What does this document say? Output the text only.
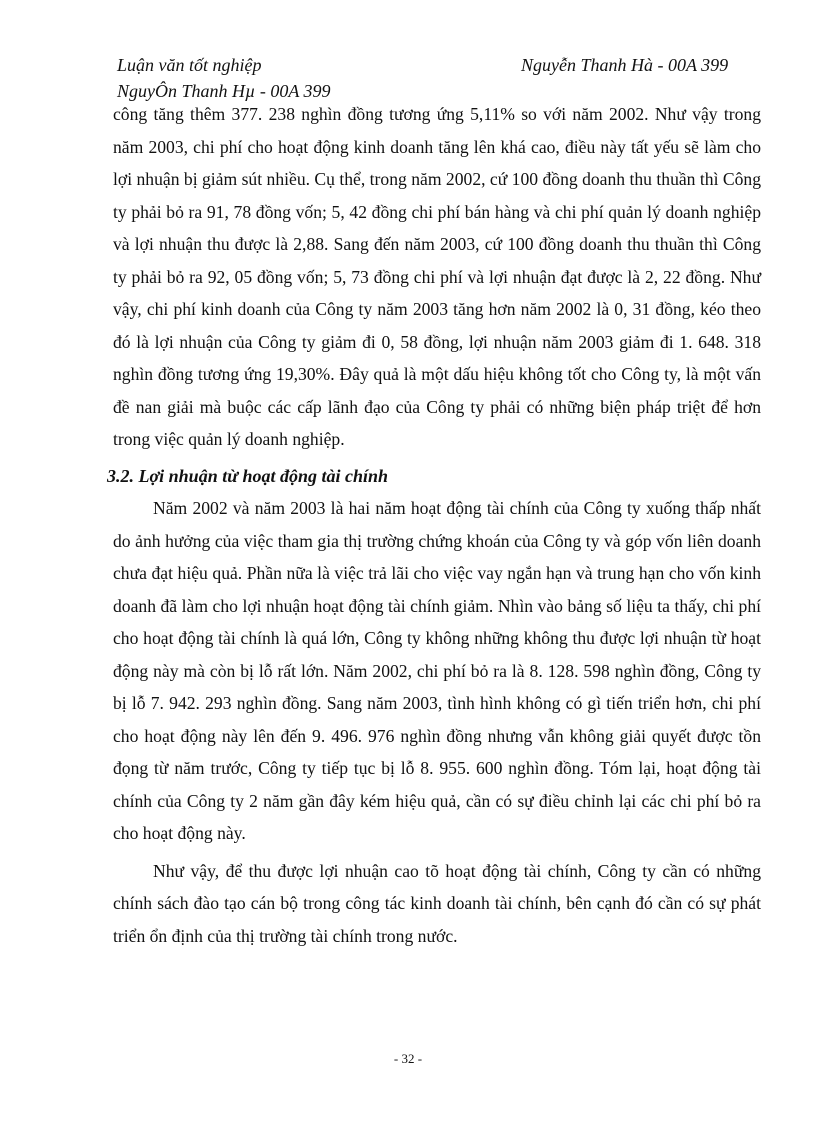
Luận văn tốt nghiệp
NguyÔn Thanh Hµ - 00A 399
Nguyễn Thanh Hà - 00A 399

công tăng thêm 377. 238 nghìn đồng tương ứng 5,11% so với năm 2002. Như vậy trong năm 2003, chi phí cho hoạt động kinh doanh tăng lên khá cao, điều này tất yếu sẽ làm cho lợi nhuận bị giảm sút nhiều. Cụ thể, trong năm 2002, cứ 100 đồng doanh thu thuần thì Công ty phải bỏ ra 91, 78 đồng vốn; 5, 42 đồng chi phí bán hàng và chi phí quản lý doanh nghiệp và lợi nhuận thu được là 2,88. Sang đến năm 2003, cứ 100 đồng doanh thu thuần thì Công ty phải bỏ ra 92, 05 đồng vốn; 5, 73 đồng chi phí và lợi nhuận đạt được là 2, 22 đồng. Như vậy, chi phí kinh doanh của Công ty năm 2003 tăng hơn năm 2002 là 0, 31 đồng, kéo theo đó là lợi nhuận của Công ty giảm đi 0, 58 đồng, lợi nhuận năm 2003 giảm đi 1. 648. 318 nghìn đồng tương ứng 19,30%. Đây quả là một dấu hiệu không tốt cho Công ty, là một vấn đề nan giải mà buộc các cấp lãnh đạo của Công ty phải có những biện pháp triệt để hơn trong việc quản lý doanh nghiệp.

3.2. Lợi nhuận từ hoạt động tài chính

Năm 2002 và năm 2003 là hai năm hoạt động tài chính của Công ty xuống thấp nhất do ảnh hưởng của việc tham gia thị trường chứng khoán của Công ty và góp vốn liên doanh chưa đạt hiệu quả. Phần nữa là việc trả lãi cho việc vay ngắn hạn và trung hạn cho vốn kinh doanh đã làm cho lợi nhuận hoạt động tài chính giảm. Nhìn vào bảng số liệu ta thấy, chi phí cho hoạt động tài chính là quá lớn, Công ty không những không thu được lợi nhuận từ hoạt động này mà còn bị lỗ rất lớn. Năm 2002, chi phí bỏ ra là 8. 128. 598 nghìn đồng, Công ty bị lỗ 7. 942. 293 nghìn đồng. Sang năm 2003, tình hình không có gì tiến triển hơn, chi phí cho hoạt động này lên đến 9. 496. 976 nghìn đồng nhưng vẫn không giải quyết được tồn đọng từ năm trước, Công ty tiếp tục bị lỗ 8. 955. 600 nghìn đồng. Tóm lại, hoạt động tài chính của Công ty 2 năm gần đây kém hiệu quả, cần có sự điều chỉnh lại các chi phí bỏ ra cho hoạt động này.

Như vậy, để thu được lợi nhuận cao tõ hoạt động tài chính, Công ty cần có những chính sách đào tạo cán bộ trong công tác kinh doanh tài chính, bên cạnh đó cần có sự phát triển ổn định của thị trường tài chính trong nước.

- 32 -
